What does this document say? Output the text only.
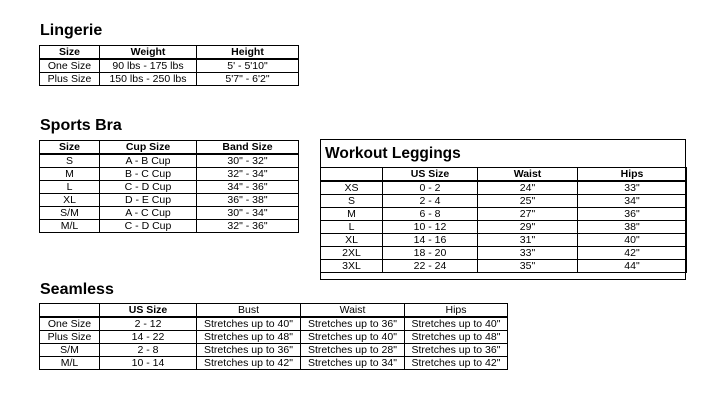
Lingerie
Size	Weight	Height
One Size	90 lbs - 175 lbs	5' - 5'10"
Plus Size	150 lbs - 250 lbs	5'7" - 6'2"
Sports Bra
Size	Cup Size	Band Size
S	A - B Cup	30" - 32"
M	B - C Cup	32" - 34"
L	C - D Cup	34" - 36"
XL	D - E Cup	36" - 38"
S/M	A - C Cup	30" - 34"
M/L	C - D Cup	32" - 36"
Workout Leggings
	US Size	Waist	Hips
XS	0 - 2	24"	33"
S	2 - 4	25"	34"
M	6 - 8	27"	36"
L	10 - 12	29"	38"
XL	14 - 16	31"	40"
2XL	18 - 20	33"	42"
3XL	22 - 24	35"	44"
Seamless
	US Size	Bust	Waist	Hips
One Size	2 - 12	Stretches up to 40"	Stretches up to 36"	Stretches up to 40"
Plus Size	14 - 22	Stretches up to 48"	Stretches up to 40"	Stretches up to 48"
S/M	2 - 8	Stretches up to 36"	Stretches up to 28"	Stretches up to 36"
M/L	10 - 14	Stretches up to 42"	Stretches up to 34"	Stretches up to 42"
